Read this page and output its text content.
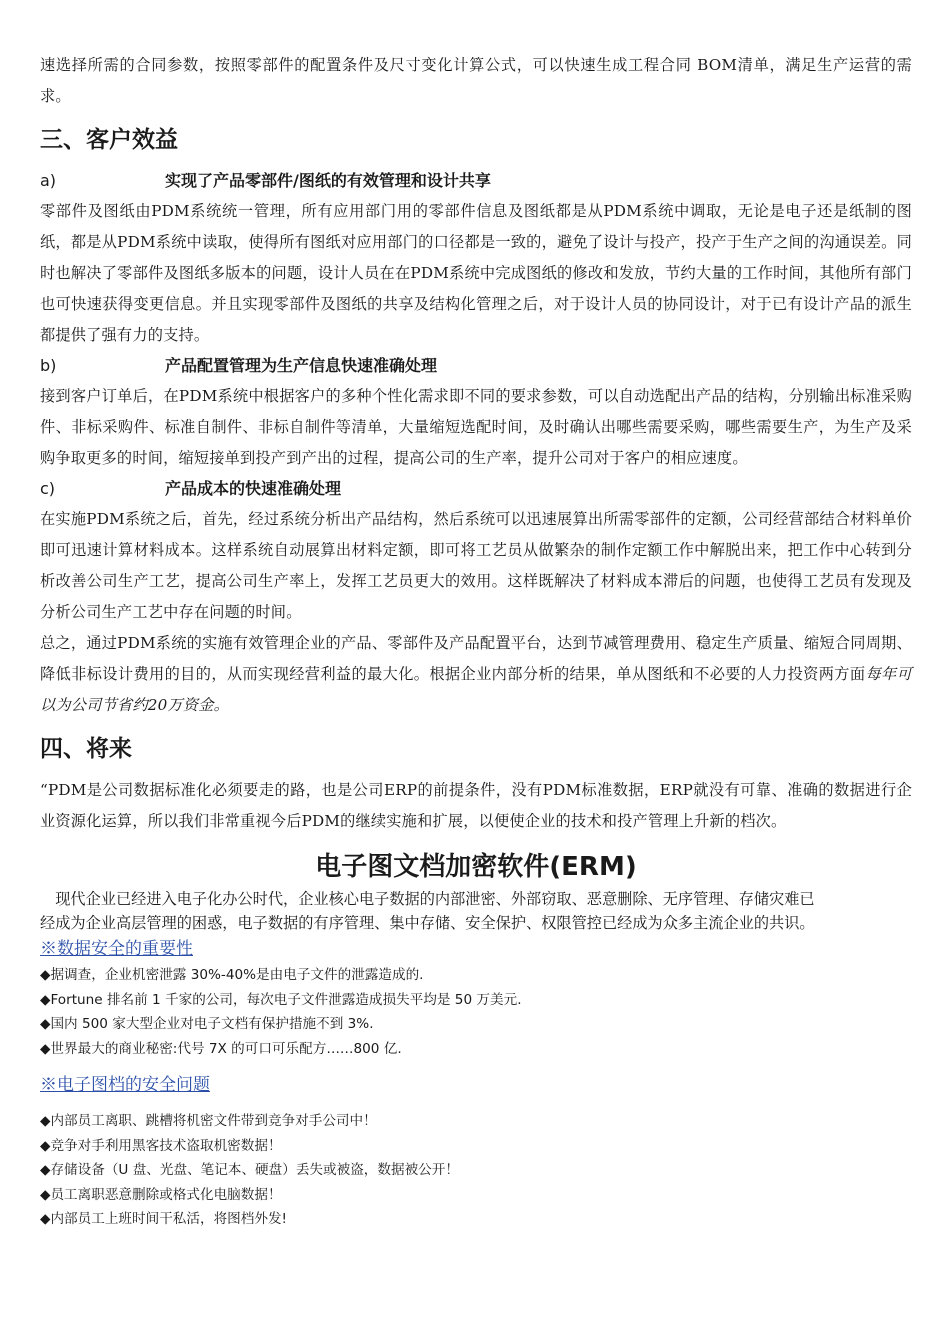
速选择所需的合同参数，按照零部件的配置条件及尺寸变化计算公式，可以快速生成工程合同 BOM清单，满足生产运营的需求。

三、客户效益
a)	实现了产品零部件/图纸的有效管理和设计共享

零部件及图纸由PDM系统统一管理，所有应用部门用的零部件信息及图纸都是从PDM系统中调取，无论是电子还是纸制的图纸，都是从PDM系统中读取，使得所有图纸对应用部门的口径都是一致的，避免了设计与投产，投产于生产之间的沟通误差。同时也解决了零部件及图纸多版本的问题，设计人员在在PDM系统中完成图纸的修改和发放，节约大量的工作时间，其他所有部门也可快速获得变更信息。并且实现零部件及图纸的共享及结构化管理之后，对于设计人员的协同设计，对于已有设计产品的派生都提供了强有力的支持。

b)	产品配置管理为生产信息快速准确处理

接到客户订单后，在PDM系统中根据客户的多种个性化需求即不同的要求参数，可以自动选配出产品的结构，分别输出标准采购件、非标采购件、标准自制件、非标自制件等清单，大量缩短选配时间，及时确认出哪些需要采购，哪些需要生产，为生产及采购争取更多的时间，缩短接单到投产到产出的过程，提高公司的生产率，提升公司对于客户的相应速度。

c)	产品成本的快速准确处理

在实施PDM系统之后，首先，经过系统分析出产品结构，然后系统可以迅速展算出所需零部件的定额，公司经营部结合材料单价即可迅速计算材料成本。这样系统自动展算出材料定额，即可将工艺员从做繁杂的制作定额工作中解脱出来，把工作中心转到分析改善公司生产工艺，提高公司生产率上，发挥工艺员更大的效用。这样既解决了材料成本滞后的问题，也使得工艺员有发现及分析公司生产工艺中存在问题的时间。

总之，通过PDM系统的实施有效管理企业的产品、零部件及产品配置平台，达到节减管理费用、稳定生产质量、缩短合同周期、降低非标设计费用的目的，从而实现经营利益的最大化。根据企业内部分析的结果，单从图纸和不必要的人力投资两方面每年可以为公司节省约20万资金。

四、将来

“PDM是公司数据标准化必须要走的路，也是公司ERP的前提条件，没有PDM标准数据，ERP就没有可靠、准确的数据进行企业资源化运算，所以我们非常重视今后PDM的继续实施和扩展，以便使企业的技术和投产管理上升新的档次。

电子图文档加密软件(ERM)

　现代企业已经进入电子化办公时代，企业核心电子数据的内部泄密、外部窃取、恶意删除、无序管理、存储灾难已经成为企业高层管理的困惑，电子数据的有序管理、集中存储、安全保护、权限管控已经成为众多主流企业的共识。

※数据安全的重要性
◆据调查，企业机密泄露 30%-40%是由电子文件的泄露造成的.
◆Fortune 排名前 1 千家的公司，每次电子文件泄露造成损失平均是 50 万美元.
◆国内 500 家大型企业对电子文档有保护措施不到 3%.
◆世界最大的商业秘密:代号 7X 的可口可乐配方……800 亿.
※电子图档的安全问题
◆内部员工离职、跳槽将机密文件带到竞争对手公司中！
◆竞争对手利用黑客技术盗取机密数据！
◆存储设备（U 盘、光盘、笔记本、硬盘）丢失或被盗，数据被公开！
◆员工离职恶意删除或格式化电脑数据！
◆内部员工上班时间干私活，将图档外发!
